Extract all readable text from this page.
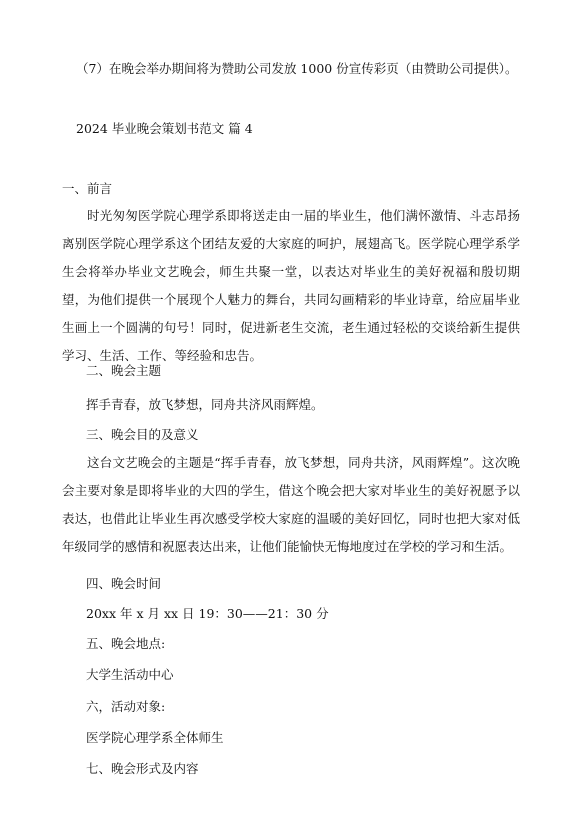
（7）在晚会举办期间将为赞助公司发放 1000 份宣传彩页（由赞助公司提供）。

2024 毕业晚会策划书范文 篇 4

一、前言

时光匆匆医学院心理学系即将送走由一届的毕业生，他们满怀激情、斗志昂扬离别医学院心理学系这个团结友爱的大家庭的呵护，展翅高飞。医学院心理学系学生会将举办毕业文艺晚会，师生共聚一堂，以表达对毕业生的美好祝福和殷切期望，为他们提供一个展现个人魅力的舞台，共同勾画精彩的毕业诗章，给应届毕业生画上一个圆满的句号！同时，促进新老生交流，老生通过轻松的交谈给新生提供学习、生活、工作、等经验和忠告。

二、晚会主题

挥手青春，放飞梦想，同舟共济风雨辉煌。

三、晚会目的及意义

这台文艺晚会的主题是“挥手青春，放飞梦想，同舟共济，风雨辉煌”。这次晚会主要对象是即将毕业的大四的学生，借这个晚会把大家对毕业生的美好祝愿予以表达，也借此让毕业生再次感受学校大家庭的温暖的美好回忆，同时也把大家对低年级同学的感情和祝愿表达出来，让他们能愉快无悔地度过在学校的学习和生活。

四、晚会时间

20xx 年 x 月 xx 日 19：30——21：30 分

五、晚会地点:

大学生活动中心

六，活动对象:

医学院心理学系全体师生

七、晚会形式及内容
